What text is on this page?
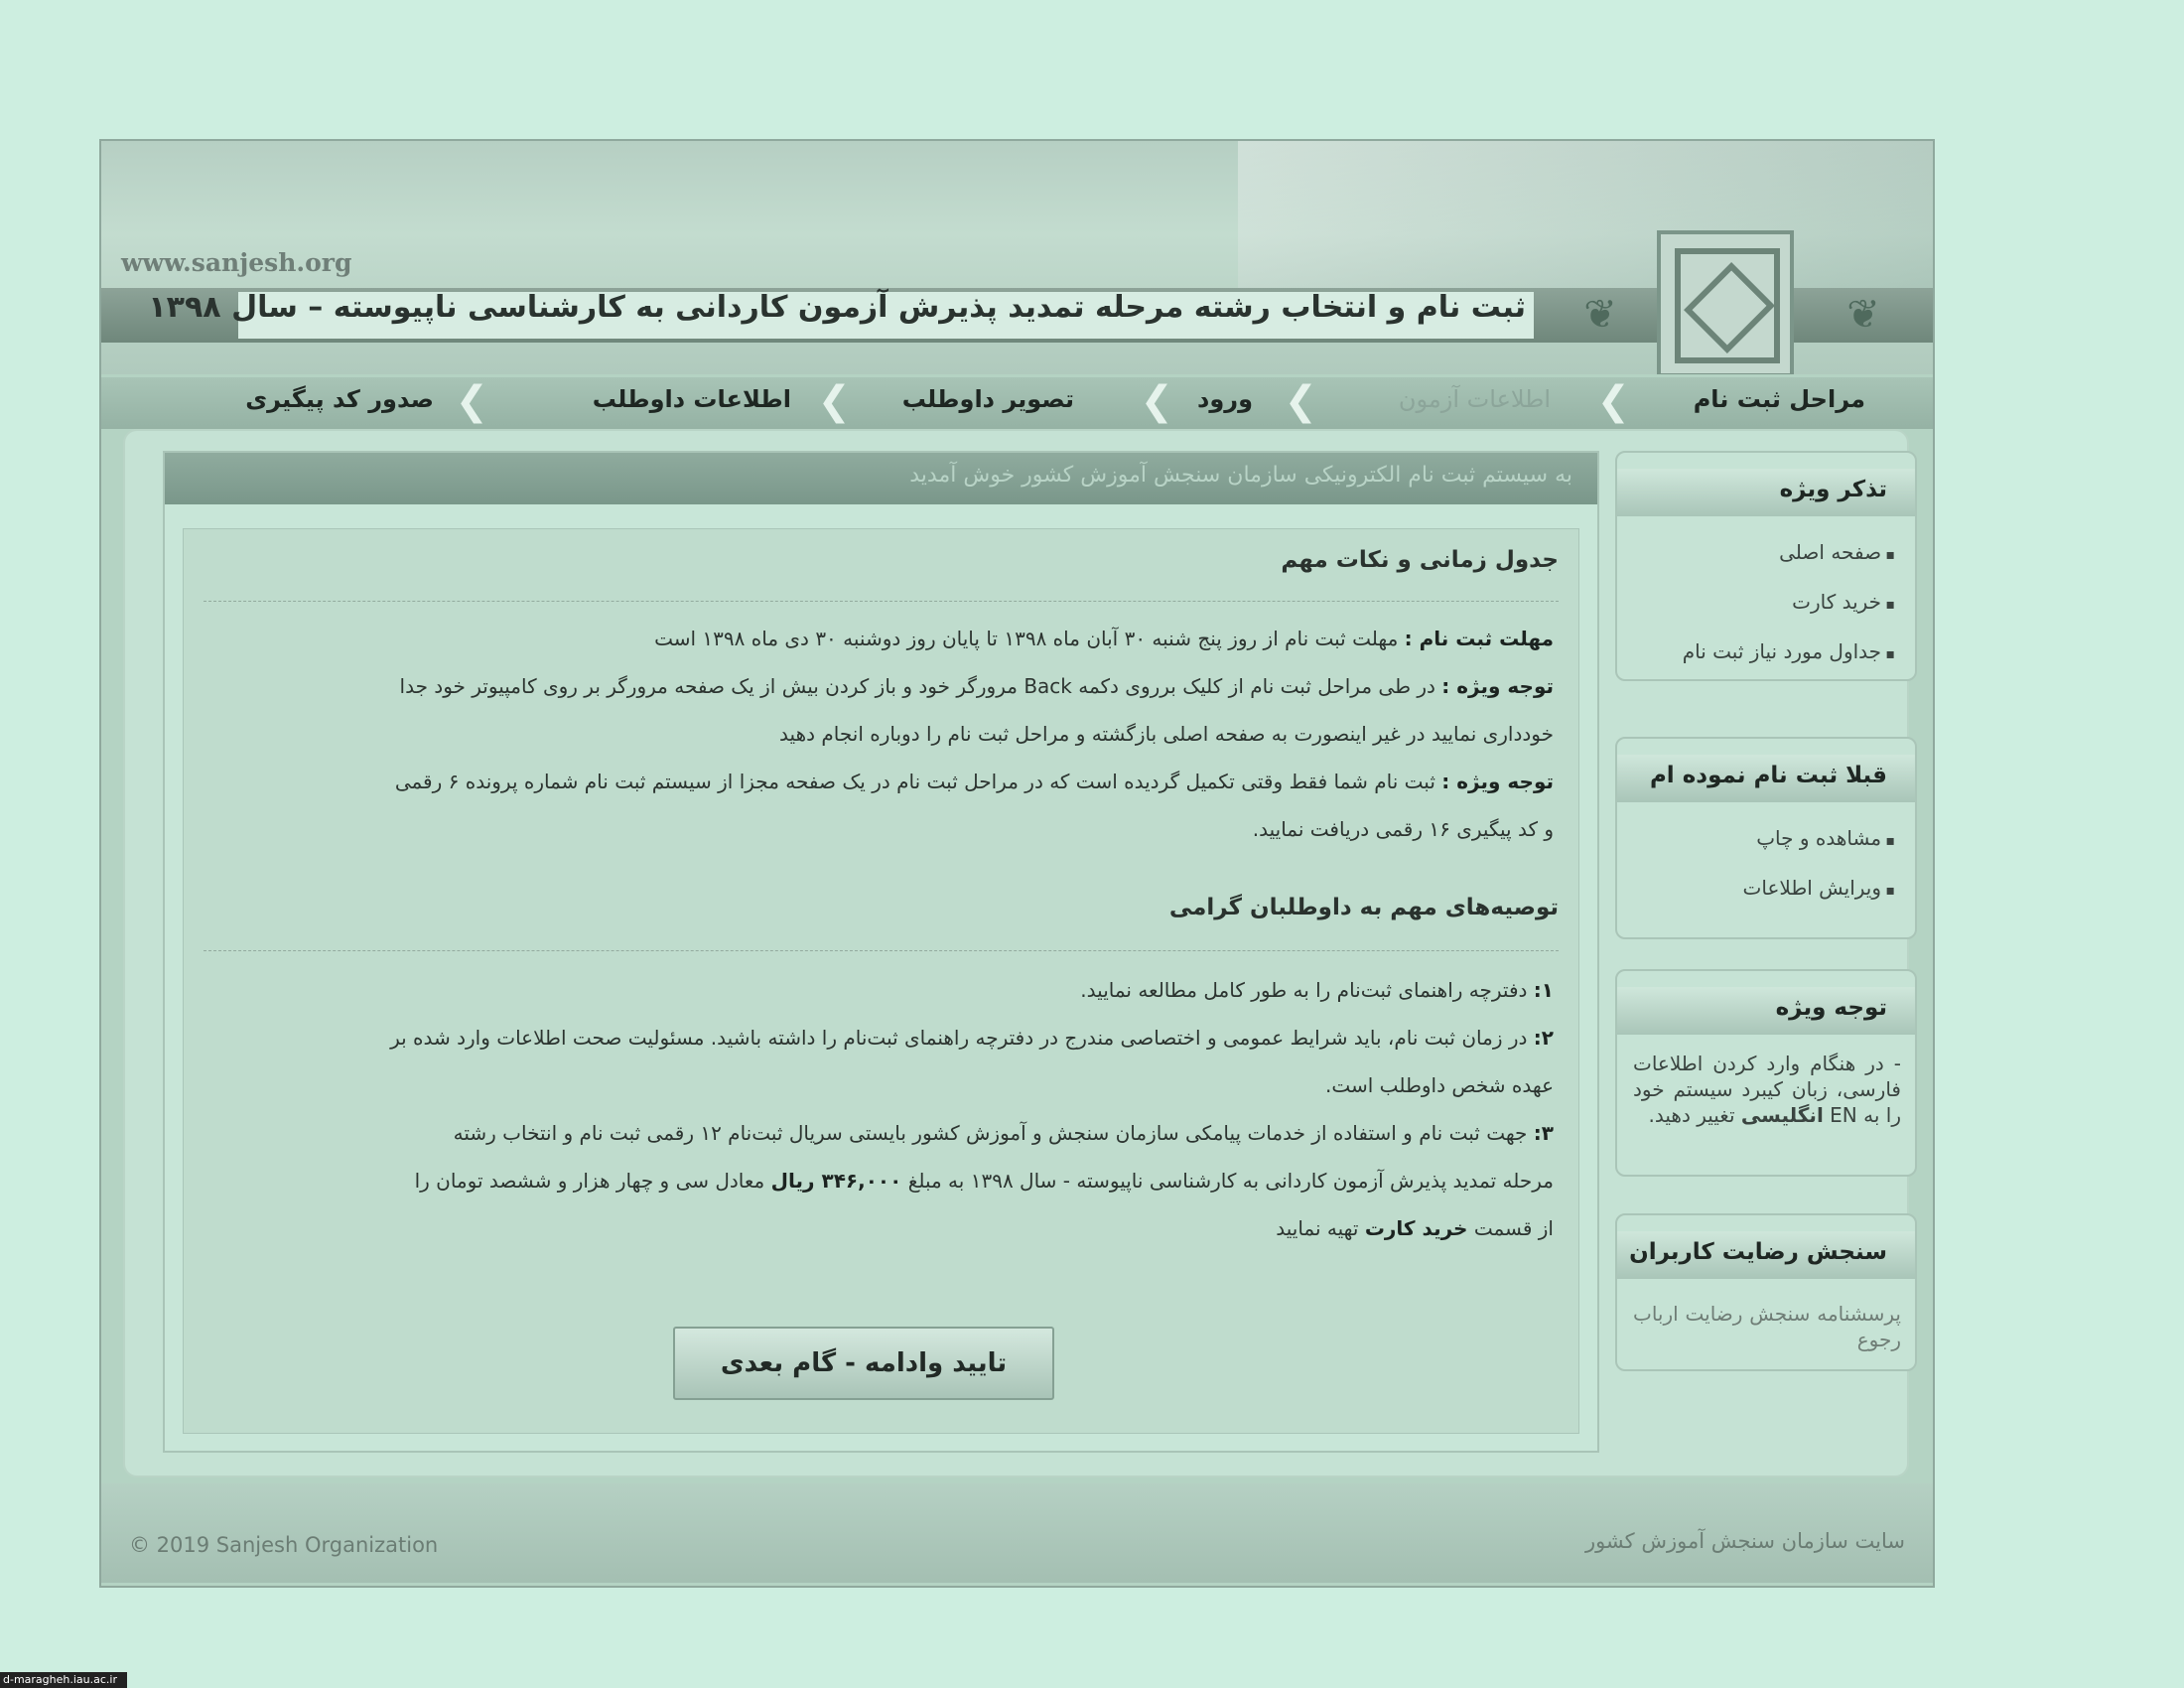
www.sanjesh.org
ثبت نام و انتخاب رشته مرحله تمدید پذیرش آزمون کاردانی به کارشناسی ناپیوسته – سال ۱۳۹۸	❦	❦
مراحل ثبت نام
❮
اطلاعات آزمون
❮
ورود
❮
تصویر داوطلب
❮
اطلاعات داوطلب
❮
صدور کد پیگیری
به سیستم ثبت نام الکترونیکی سازمان سنجش آموزش کشور خوش آمدید
جدول زمانی و نکات مهم
مهلت ثبت نام : مهلت ثبت نام از روز پنج شنبه ۳۰ آبان ماه ۱۳۹۸ تا پایان روز دوشنبه ۳۰ دی ماه ۱۳۹۸ است
توجه ویژه : در طی مراحل ثبت نام از کلیک برروی دکمه Back مرورگر خود و باز کردن بیش از یک صفحه مرورگر بر روی کامپیوتر خود جدا
خودداری نمایید در غیر اینصورت به صفحه اصلی بازگشته و مراحل ثبت نام را دوباره انجام دهید
توجه ویژه : ثبت نام شما فقط وقتی تکمیل گردیده است که در مراحل ثبت نام در یک صفحه مجزا از سیستم ثبت نام شماره پرونده ۶ رقمی
و کد پیگیری ۱۶ رقمی دریافت نمایید.
توصیه‌های مهم به داوطلبان گرامی
۱: دفترچه راهنمای ثبت‌نام را به طور کامل مطالعه نمایید.
۲: در زمان ثبت نام، باید شرایط عمومی و اختصاصی مندرج در دفترچه راهنمای ثبت‌نام را داشته باشید. مسئولیت صحت اطلاعات وارد شده بر
عهده شخص داوطلب است.
۳: جهت ثبت نام و استفاده از خدمات پیامکی سازمان سنجش و آموزش کشور بایستی سریال ثبت‌نام ۱۲ رقمی ثبت نام و انتخاب رشته
مرحله تمدید پذیرش آزمون کاردانی به کارشناسی ناپیوسته - سال ۱۳۹۸ به مبلغ ۳۴۶,۰۰۰ ریال معادل سی و چهار هزار و ششصد تومان را
از قسمت خرید کارت تهیه نمایید
تایید وادامه - گام بعدی
تذکر ویژه
▪ صفحه اصلی
▪ خرید کارت
▪ جداول مورد نیاز ثبت نام
قبلا ثبت نام نموده ام
▪ مشاهده و چاپ
▪ ویرایش اطلاعات
توجه ویژه
- در هنگام وارد کردن اطلاعات فارسی، زبان کیبرد سیستم خود را به EN انگلیسی تغییر دهید.
سنجش رضایت کاربران
پرسشنامه سنجش رضایت ارباب رجوع
© 2019 Sanjesh Organization	سایت سازمان سنجش آموزش کشور
d-maragheh.iau.ac.ir
